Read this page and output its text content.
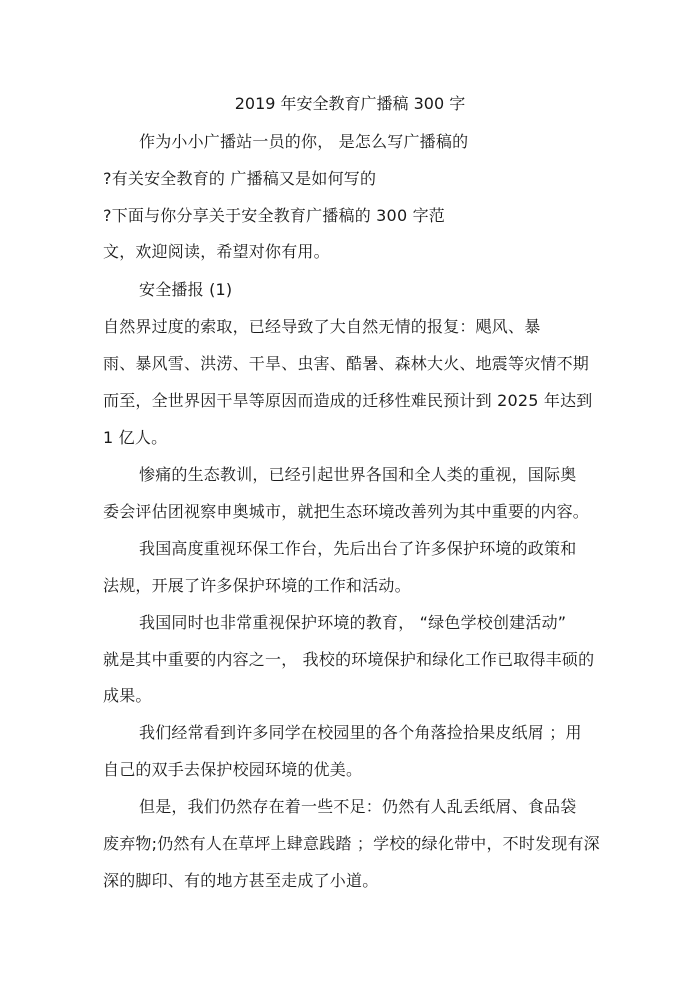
2019 年安全教育广播稿 300 字
作为小小广播站一员的你， 是怎么写广播稿的
?有关安全教育的 广播稿又是如何写的
?下面与你分享关于安全教育广播稿的 300 字范
文，欢迎阅读，希望对你有用。
安全播报 (1)
自然界过度的索取，已经导致了大自然无情的报复：飓风、暴
雨、暴风雪、洪涝、干旱、虫害、酷暑、森林大火、地震等灾情不期
而至，全世界因干旱等原因而造成的迁移性难民预计到 2025 年达到
1 亿人。
惨痛的生态教训，已经引起世界各国和全人类的重视，国际奥
委会评估团视察申奥城市，就把生态环境改善列为其中重要的内容。
我国高度重视环保工作台，先后出台了许多保护环境的政策和
法规，开展了许多保护环境的工作和活动。
我国同时也非常重视保护环境的教育， “绿色学校创建活动”
就是其中重要的内容之一， 我校的环境保护和绿化工作已取得丰硕的
成果。
我们经常看到许多同学在校园里的各个角落捡拾果皮纸屑 ；用
自己的双手去保护校园环境的优美。
但是，我们仍然存在着一些不足：仍然有人乱丢纸屑、食品袋
废弃物;仍然有人在草坪上肆意践踏 ；学校的绿化带中，不时发现有深
深的脚印、有的地方甚至走成了小道。
